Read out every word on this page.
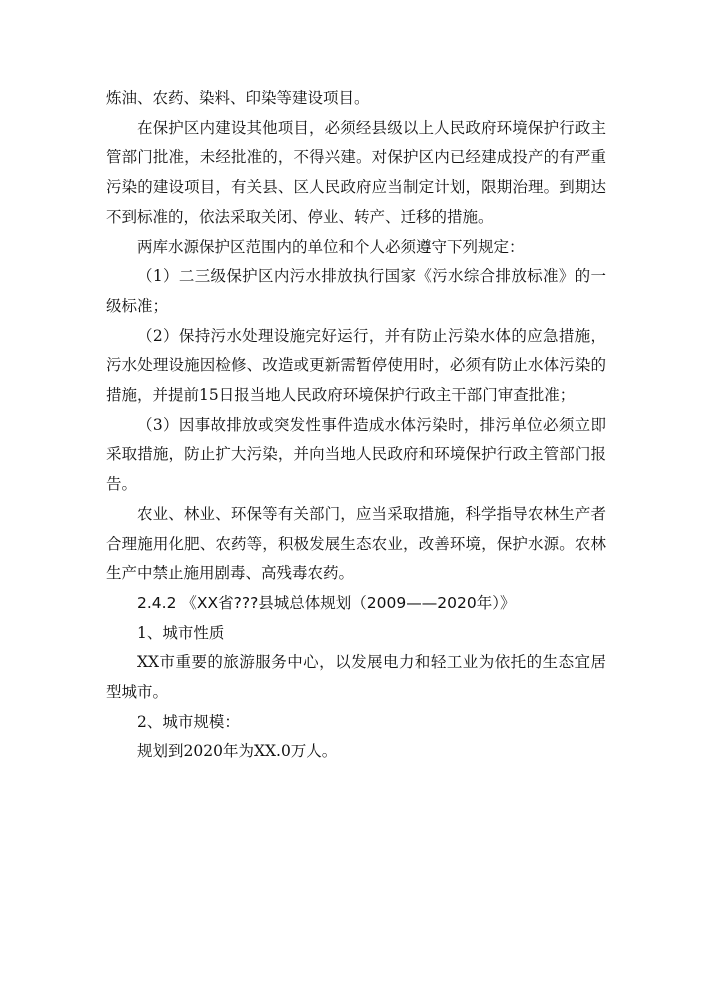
炼油、农药、染料、印染等建设项目。

在保护区内建设其他项目，必须经县级以上人民政府环境保护行政主管部门批准，未经批准的，不得兴建。对保护区内已经建成投产的有严重污染的建设项目，有关县、区人民政府应当制定计划，限期治理。到期达不到标准的，依法采取关闭、停业、转产、迁移的措施。

两库水源保护区范围内的单位和个人必须遵守下列规定：

（1）二三级保护区内污水排放执行国家《污水综合排放标准》的一级标准；

（2）保持污水处理设施完好运行，并有防止污染水体的应急措施，污水处理设施因检修、改造或更新需暂停使用时，必须有防止水体污染的措施，并提前15日报当地人民政府环境保护行政主干部门审查批准；

（3）因事故排放或突发性事件造成水体污染时，排污单位必须立即采取措施，防止扩大污染，并向当地人民政府和环境保护行政主管部门报告。

农业、林业、环保等有关部门，应当采取措施，科学指导农林生产者合理施用化肥、农药等，积极发展生态农业，改善环境，保护水源。农林生产中禁止施用剧毒、高残毒农药。

2.4.2 《XX省???县城总体规划（2009——2020年）》

1、城市性质

XX市重要的旅游服务中心，以发展电力和轻工业为依托的生态宜居型城市。

2、城市规模：

规划到2020年为XX.0万人。
